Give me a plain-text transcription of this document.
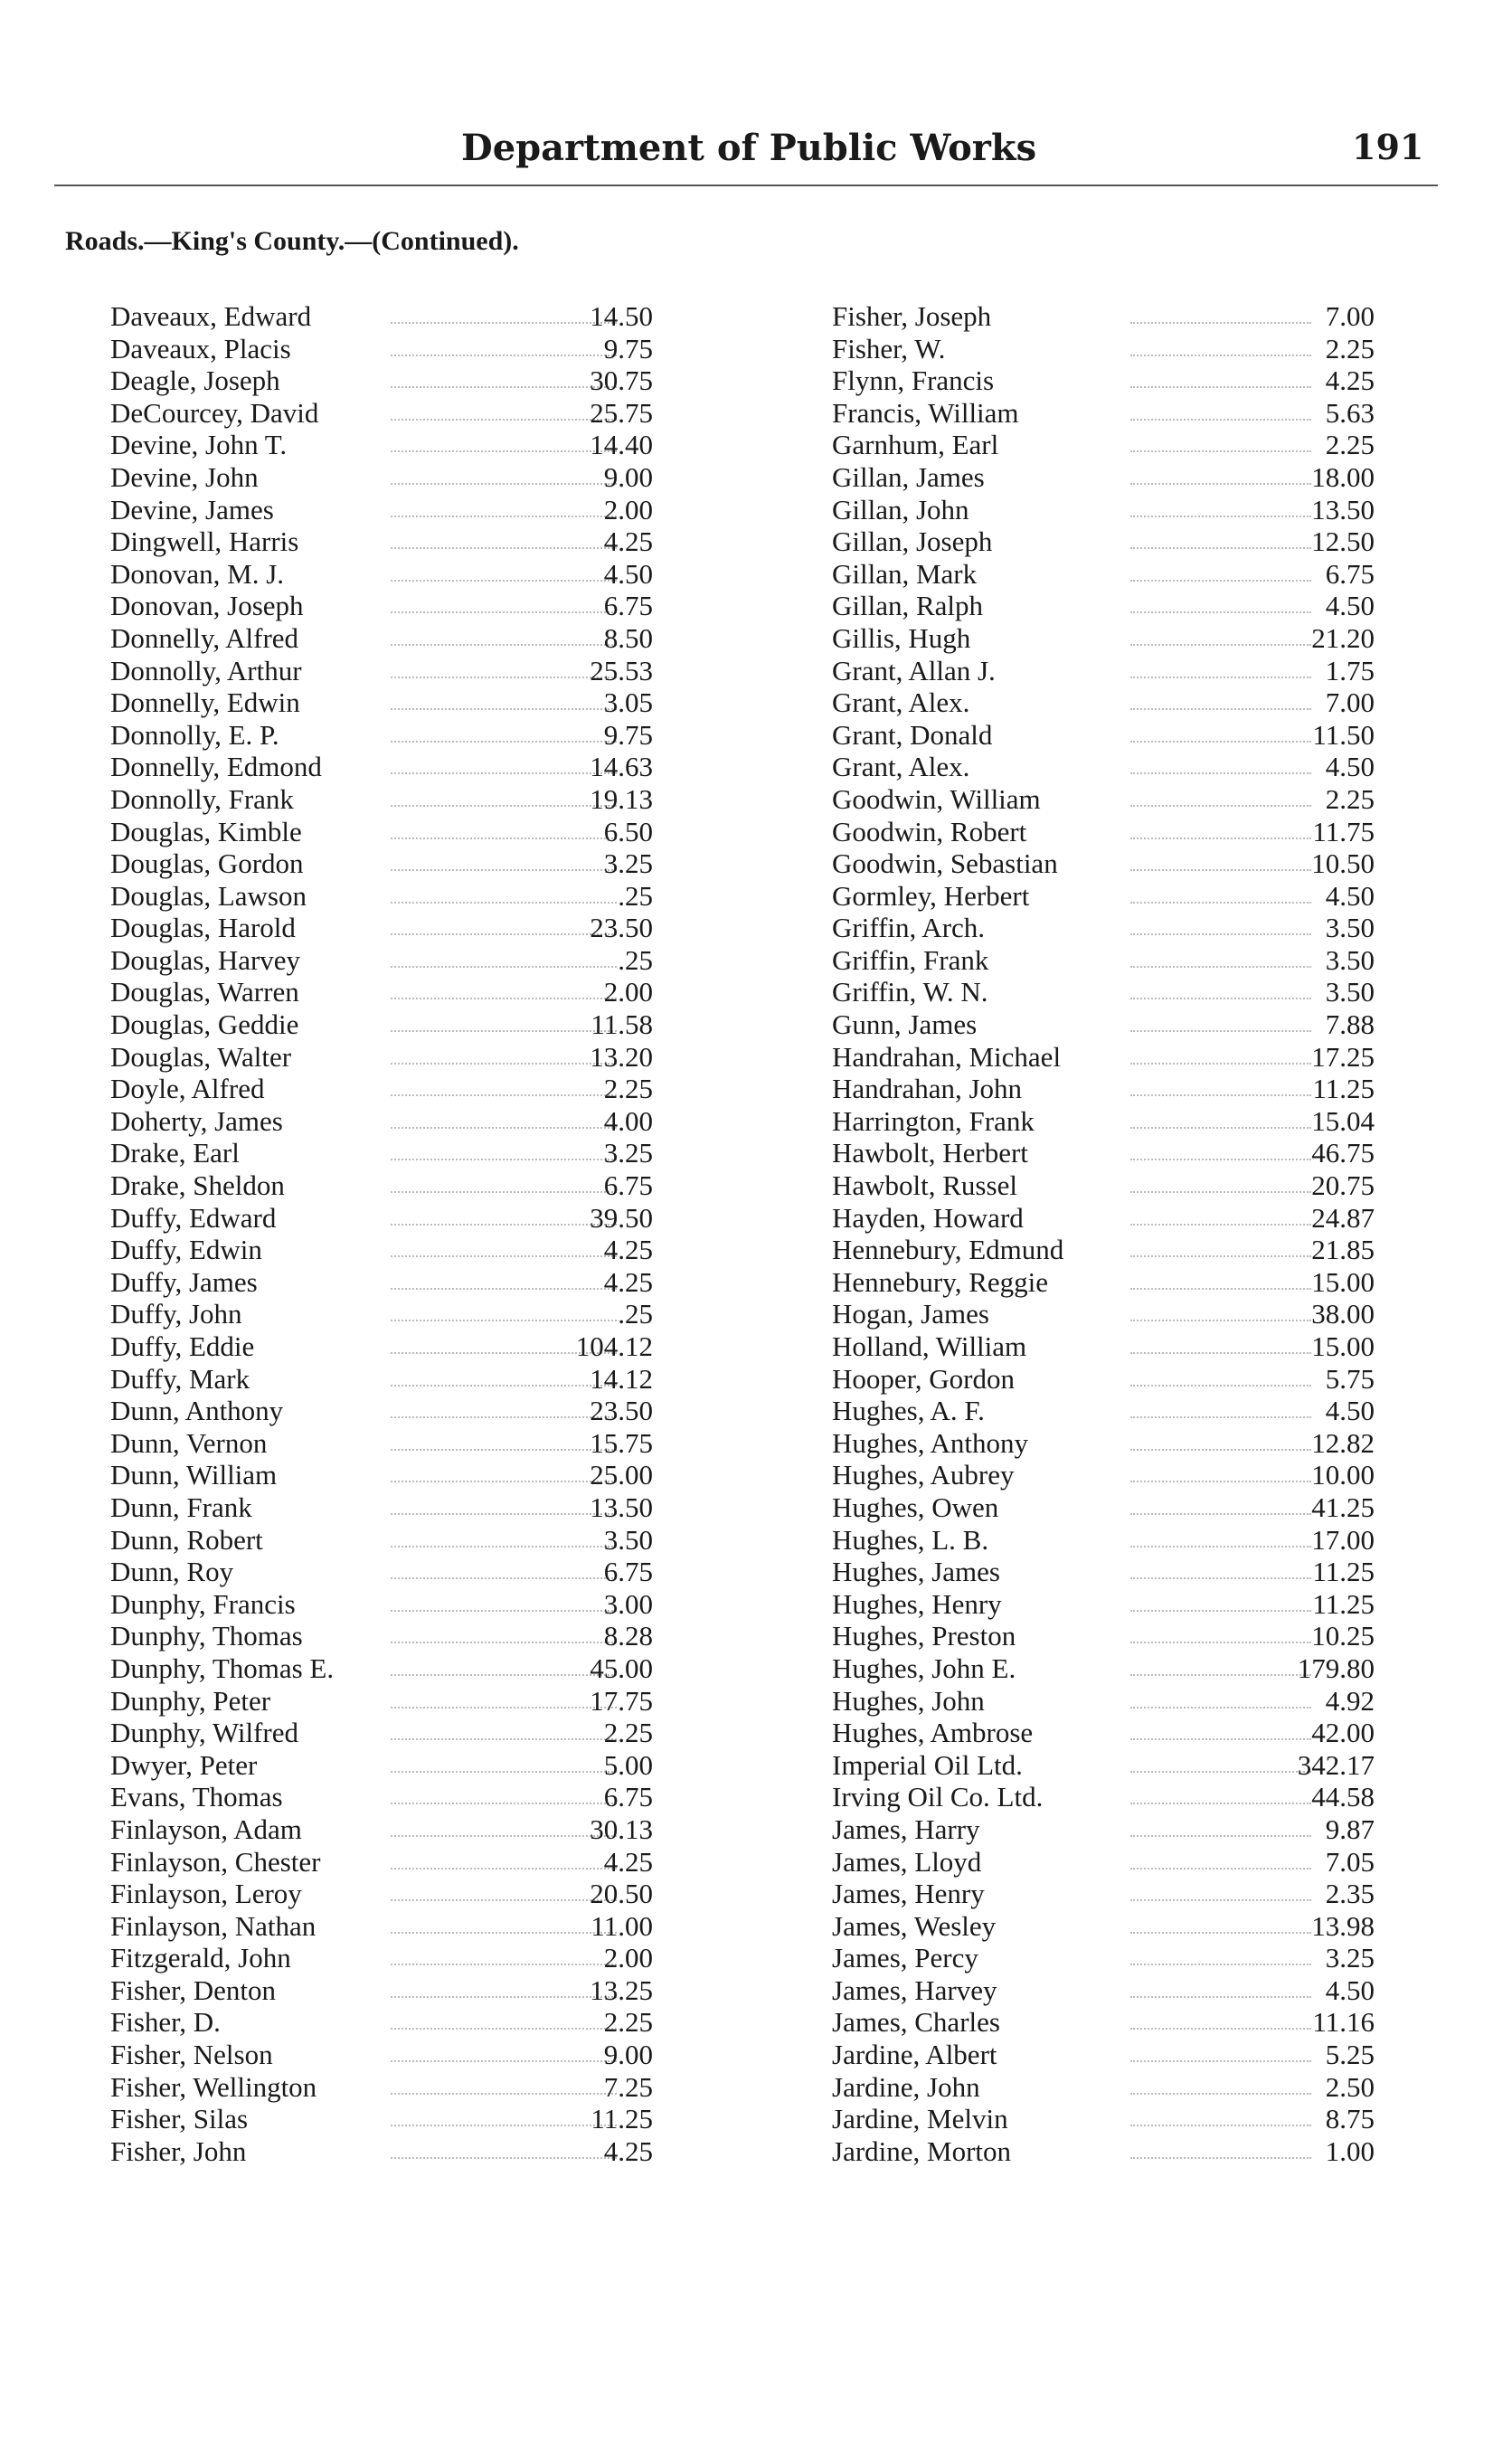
Department of Public Works	191
Roads.—King's County.—(Continued).
Daveaux, Edward	14.50
Daveaux, Placis	9.75
Deagle, Joseph	30.75
DeCourcey, David	25.75
Devine, John T.	14.40
Devine, John	9.00
Devine, James	2.00
Dingwell, Harris	4.25
Donovan, M. J.	4.50
Donovan, Joseph	6.75
Donnelly, Alfred	8.50
Donnolly, Arthur	25.53
Donnelly, Edwin	3.05
Donnolly, E. P.	9.75
Donnelly, Edmond	14.63
Donnolly, Frank	19.13
Douglas, Kimble	6.50
Douglas, Gordon	3.25
Douglas, Lawson	.25
Douglas, Harold	23.50
Douglas, Harvey	.25
Douglas, Warren	2.00
Douglas, Geddie	11.58
Douglas, Walter	13.20
Doyle, Alfred	2.25
Doherty, James	4.00
Drake, Earl	3.25
Drake, Sheldon	6.75
Duffy, Edward	39.50
Duffy, Edwin	4.25
Duffy, James	4.25
Duffy, John	.25
Duffy, Eddie	104.12
Duffy, Mark	14.12
Dunn, Anthony	23.50
Dunn, Vernon	15.75
Dunn, William	25.00
Dunn, Frank	13.50
Dunn, Robert	3.50
Dunn, Roy	6.75
Dunphy, Francis	3.00
Dunphy, Thomas	8.28
Dunphy, Thomas E.	45.00
Dunphy, Peter	17.75
Dunphy, Wilfred	2.25
Dwyer, Peter	5.00
Evans, Thomas	6.75
Finlayson, Adam	30.13
Finlayson, Chester	4.25
Finlayson, Leroy	20.50
Finlayson, Nathan	11.00
Fitzgerald, John	2.00
Fisher, Denton	13.25
Fisher, D.	2.25
Fisher, Nelson	9.00
Fisher, Wellington	7.25
Fisher, Silas	11.25
Fisher, John	4.25
Fisher, Joseph	7.00
Fisher, W.	2.25
Flynn, Francis	4.25
Francis, William	5.63
Garnhum, Earl	2.25
Gillan, James	18.00
Gillan, John	13.50
Gillan, Joseph	12.50
Gillan, Mark	6.75
Gillan, Ralph	4.50
Gillis, Hugh	21.20
Grant, Allan J.	1.75
Grant, Alex.	7.00
Grant, Donald	11.50
Grant, Alex.	4.50
Goodwin, William	2.25
Goodwin, Robert	11.75
Goodwin, Sebastian	10.50
Gormley, Herbert	4.50
Griffin, Arch.	3.50
Griffin, Frank	3.50
Griffin, W. N.	3.50
Gunn, James	7.88
Handrahan, Michael	17.25
Handrahan, John	11.25
Harrington, Frank	15.04
Hawbolt, Herbert	46.75
Hawbolt, Russel	20.75
Hayden, Howard	24.87
Hennebury, Edmund	21.85
Hennebury, Reggie	15.00
Hogan, James	38.00
Holland, William	15.00
Hooper, Gordon	5.75
Hughes, A. F.	4.50
Hughes, Anthony	12.82
Hughes, Aubrey	10.00
Hughes, Owen	41.25
Hughes, L. B.	17.00
Hughes, James	11.25
Hughes, Henry	11.25
Hughes, Preston	10.25
Hughes, John E.	179.80
Hughes, John	4.92
Hughes, Ambrose	42.00
Imperial Oil Ltd.	342.17
Irving Oil Co. Ltd.	44.58
James, Harry	9.87
James, Lloyd	7.05
James, Henry	2.35
James, Wesley	13.98
James, Percy	3.25
James, Harvey	4.50
James, Charles	11.16
Jardine, Albert	5.25
Jardine, John	2.50
Jardine, Melvin	8.75
Jardine, Morton	1.00
